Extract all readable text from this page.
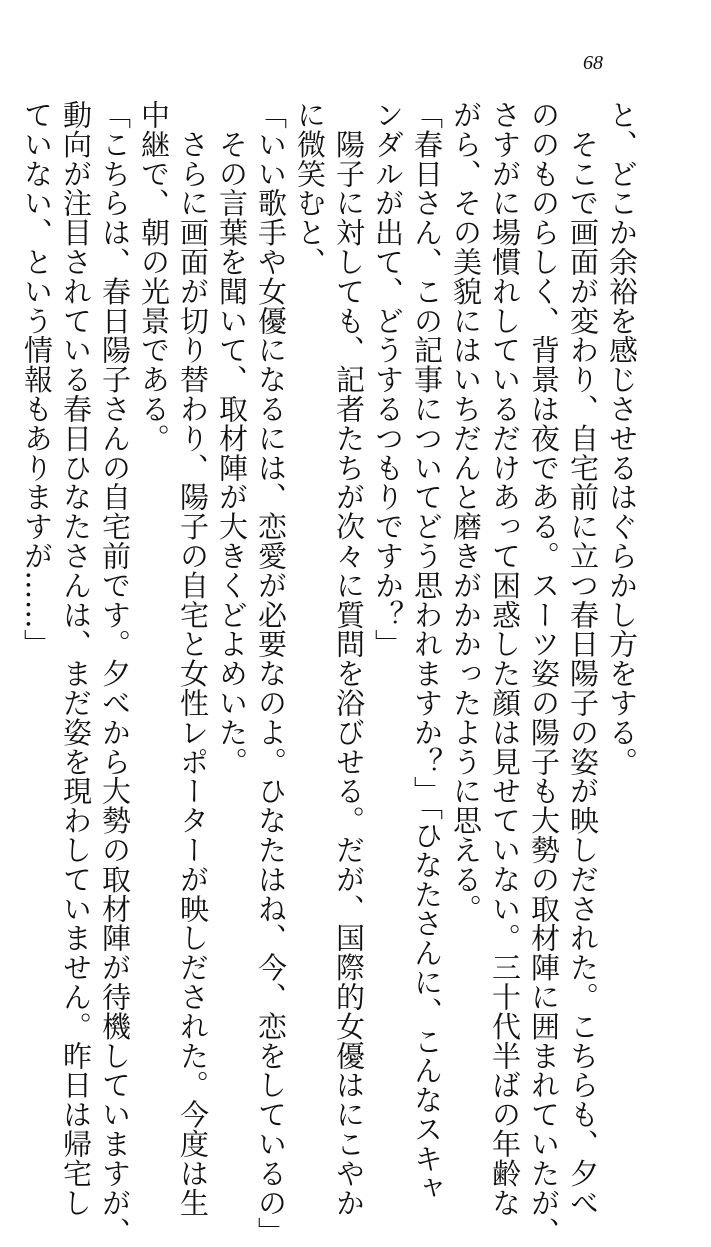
68
と、どこか余裕を感じさせるはぐらかし方をする。
　そこで画面が変わり、自宅前に立つ春日陽子の姿が映しだされた。こちらも、夕べ
ののものらしく、背景は夜である。スーツ姿の陽子も大勢の取材陣に囲まれていたが、
さすがに場慣れしているだけあって困惑した顔は見せていない。三十代半ばの年齢な
がら、その美貌にはいちだんと磨きがかかったように思える。
「春日さん、この記事についてどう思われますか？」「ひなたさんに、こんなスキャ
ンダルが出て、どうするつもりですか？」
　陽子に対しても、記者たちが次々に質問を浴びせる。だが、国際的女優はにこやか
に微笑むと、
「いい歌手や女優になるには、恋愛が必要なのよ。ひなたはね、今、恋をしているの」
　その言葉を聞いて、取材陣が大きくどよめいた。
　さらに画面が切り替わり、陽子の自宅と女性レポーターが映しだされた。今度は生
中継で、朝の光景である。
「こちらは、春日陽子さんの自宅前です。夕べから大勢の取材陣が待機していますが、
動向が注目されている春日ひなたさんは、まだ姿を現わしていません。昨日は帰宅し
ていない、という情報もありますが……」
